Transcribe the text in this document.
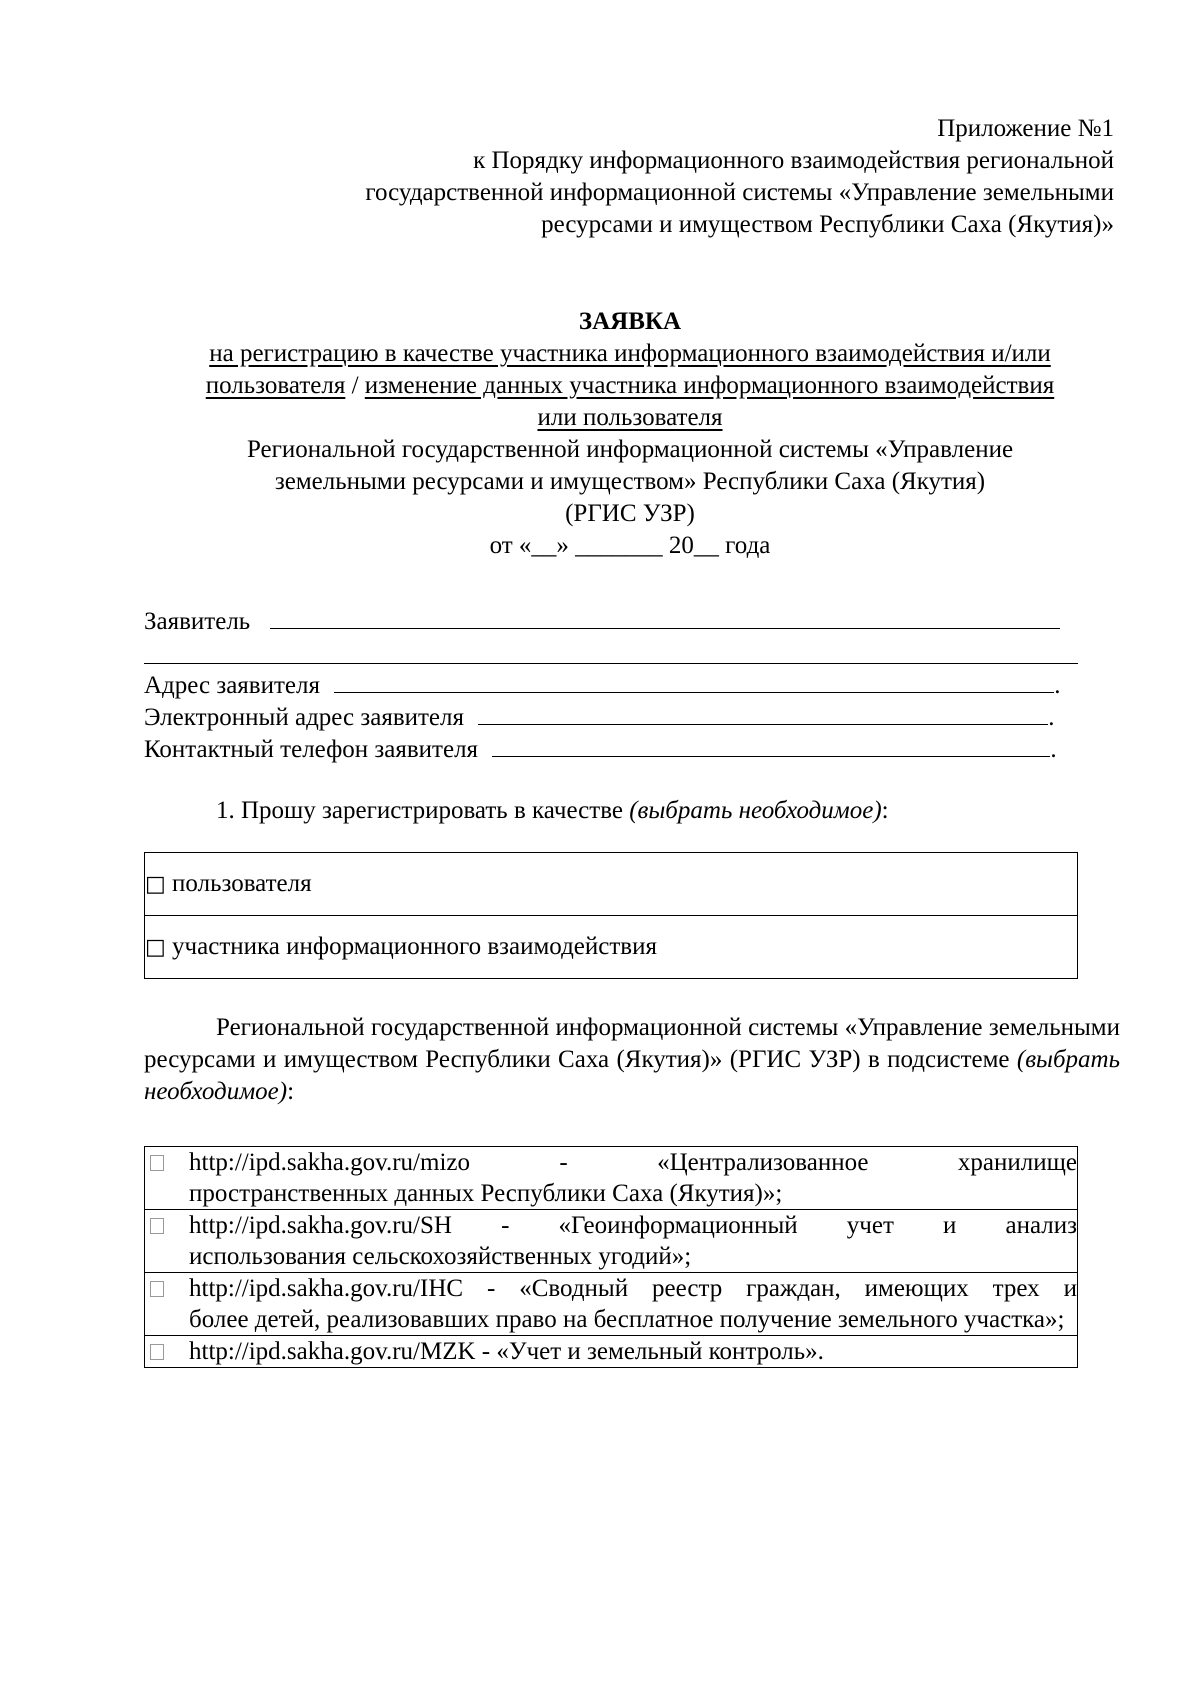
Приложение №1
к Порядку информационного взаимодействия региональной
государственной информационной системы «Управление земельными
ресурсами и имуществом Республики Саха (Якутия)»
ЗАЯВКА
на регистрацию в качестве участника информационного взаимодействия и/или
пользователя / изменение данных участника информационного взаимодействия
или пользователя
Региональной государственной информационной системы «Управление
земельными ресурсами и имуществом» Республики Саха (Якутия)
(РГИС УЗР)
от «__» _______ 20__ года
Заявитель
Адрес заявителя	.
Электронный адрес заявителя	.
Контактный телефон заявителя	.
1. Прошу зарегистрировать в качестве (выбрать необходимое):
□ пользователя
□ участника информационного взаимодействия
Региональной государственной информационной системы «Управление земельными ресурсами и имуществом Республики Саха (Якутия)» (РГИС УЗР) в подсистеме (выбрать необходимое):

http://ipd.sakha.gov.ru/mizo - «Централизованное хранилище
пространственных данных Республики Саха (Якутия)»;

http://ipd.sakha.gov.ru/SH - «Геоинформационный учет и анализ
использования сельскохозяйственных угодий»;

http://ipd.sakha.gov.ru/IHC - «Сводный реестр граждан, имеющих трех и
более детей, реализовавших право на бесплатное получение земельного участка»;

http://ipd.sakha.gov.ru/MZK - «Учет и земельный контроль».
